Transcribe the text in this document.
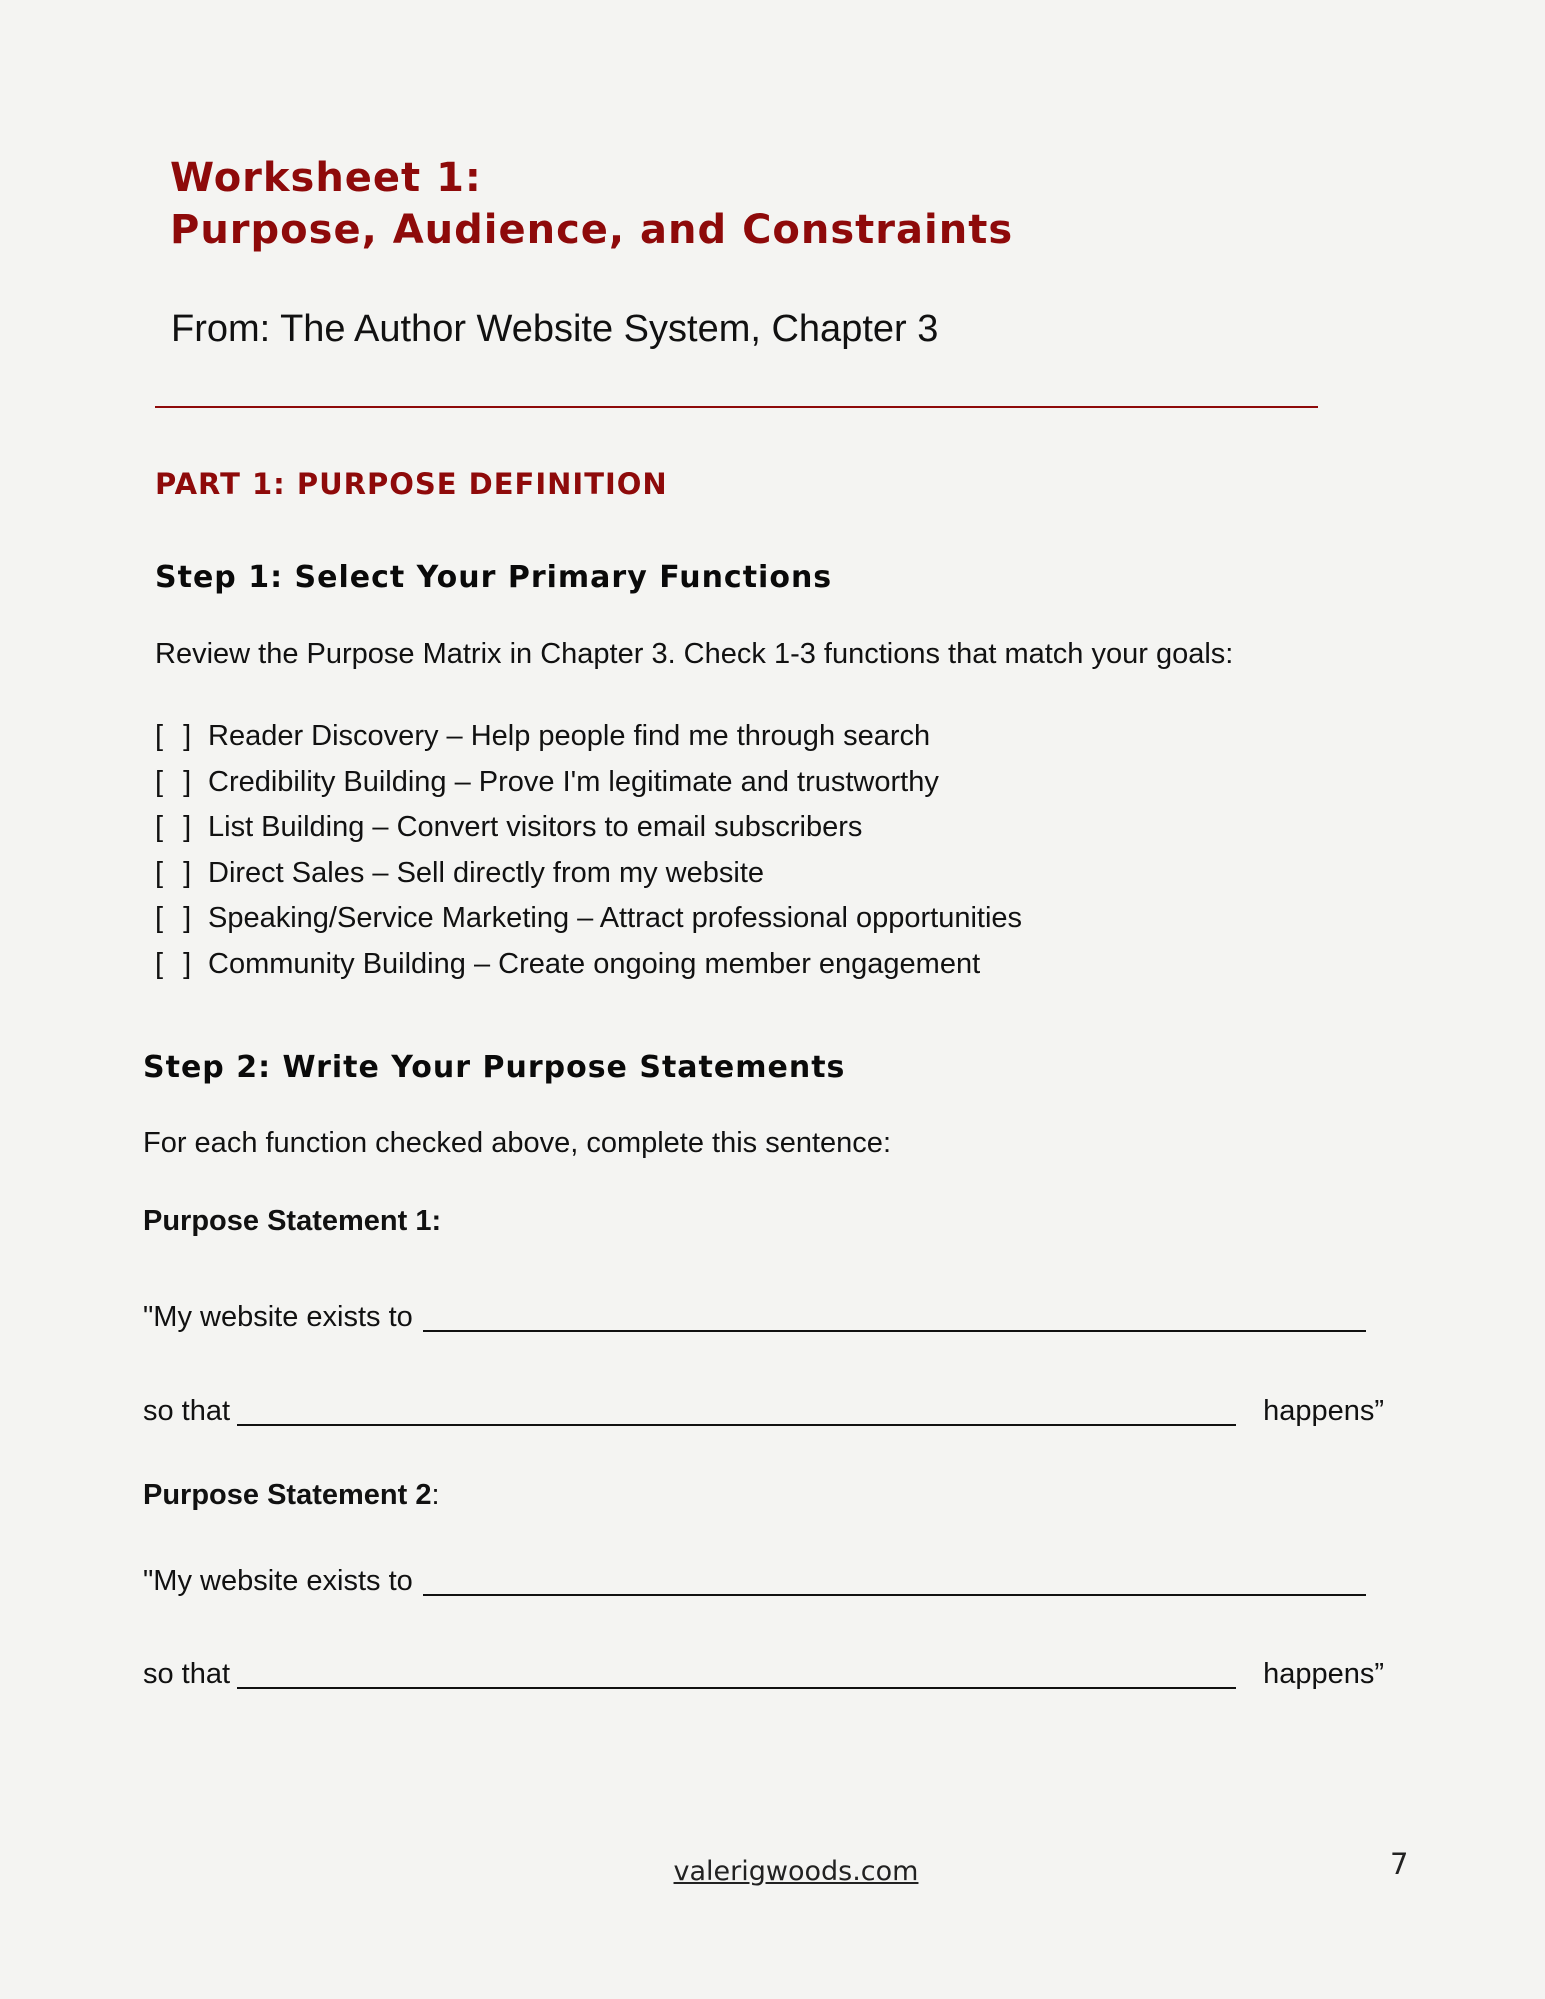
Worksheet 1:
Purpose, Audience, and Constraints
From: The Author Website System, Chapter 3
PART 1: PURPOSE DEFINITION
Step 1: Select Your Primary Functions
Review the Purpose Matrix in Chapter 3. Check 1-3 functions that match your goals:
[ ] Reader Discovery – Help people find me through search
[ ] Credibility Building – Prove I'm legitimate and trustworthy
[ ] List Building – Convert visitors to email subscribers
[ ] Direct Sales – Sell directly from my website
[ ] Speaking/Service Marketing – Attract professional opportunities
[ ] Community Building – Create ongoing member engagement
Step 2: Write Your Purpose Statements
For each function checked above, complete this sentence:
Purpose Statement 1:
"My website exists to
so that	happens”
Purpose Statement 2:
"My website exists to
so that	happens”
valerigwoods.com	7
